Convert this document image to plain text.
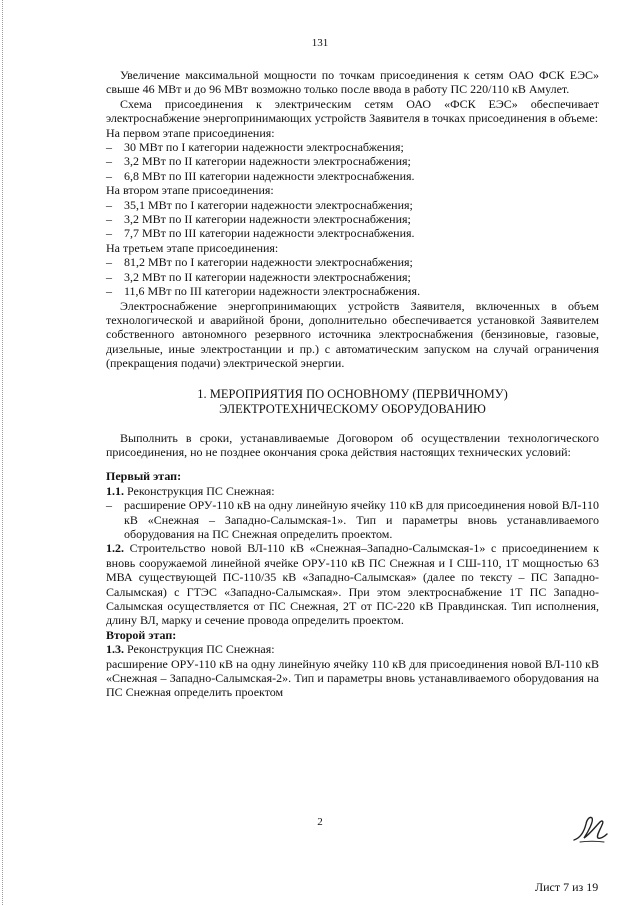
131

Увеличение максимальной мощности по точкам присоединения к сетям ОАО ФСК ЕЭС» свыше 46 МВт и до 96 МВт возможно только после ввода в работу ПС 220/110 кВ Амулет.

Схема присоединения к электрическим сетям ОАО «ФСК ЕЭС» обеспечивает электроснабжение энергопринимающих устройств Заявителя в точках присоединения в объеме:

На первом этапе присоединения:

– 30 МВт по I категории надежности электроснабжения;

– 3,2 МВт по II категории надежности электроснабжения;

– 6,8 МВт по III категории надежности электроснабжения.

На втором этапе присоединения:

– 35,1 МВт по I категории надежности электроснабжения;

– 3,2 МВт по II категории надежности электроснабжения;

– 7,7 МВт по III категории надежности электроснабжения.

На третьем этапе присоединения:

– 81,2 МВт по I категории надежности электроснабжения;

– 3,2 МВт по II категории надежности электроснабжения;

– 11,6 МВт по III категории надежности электроснабжения.

Электроснабжение энергопринимающих устройств Заявителя, включенных в объем технологической и аварийной брони, дополнительно обеспечивается установкой Заявителем собственного автономного резервного источника электроснабжения (бензиновые, газовые, дизельные, иные электростанции и пр.) с автоматическим запуском на случай ограничения (прекращения подачи) электрической энергии.

1. МЕРОПРИЯТИЯ ПО ОСНОВНОМУ (ПЕРВИЧНОМУ)
ЭЛЕКТРОТЕХНИЧЕСКОМУ ОБОРУДОВАНИЮ

Выполнить в сроки, устанавливаемые Договором об осуществлении технологического присоединения, но не позднее окончания срока действия настоящих технических условий:

Первый этап:

1.1. Реконструкция ПС Снежная:

– расширение ОРУ-110 кВ на одну линейную ячейку 110 кВ для присоединения новой ВЛ-110 кВ «Снежная – Западно-Салымская-1». Тип и параметры вновь устанавливаемого оборудования на ПС Снежная определить проектом.

1.2. Строительство новой ВЛ-110 кВ «Снежная–Западно-Салымская-1» с присоединением к вновь сооружаемой линейной ячейке ОРУ-110 кВ ПС Снежная и I СШ-110, 1Т мощностью 63 МВА существующей ПС-110/35 кВ «Западно-Салымская» (далее по тексту – ПС Западно-Салымская) с ГТЭС «Западно-Салымская». При этом электроснабжение 1Т ПС Западно-Салымская осуществляется от ПС Снежная, 2Т от ПС-220 кВ Правдинская. Тип исполнения, длину ВЛ, марку и сечение провода определить проектом.

Второй этап:

1.3. Реконструкция ПС Снежная:

расширение ОРУ-110 кВ на одну линейную ячейку 110 кВ для присоединения новой ВЛ-110 кВ «Снежная – Западно-Салымская-2». Тип и параметры вновь устанавливаемого оборудования на ПС Снежная определить проектом

2
Лист 7 из 19
